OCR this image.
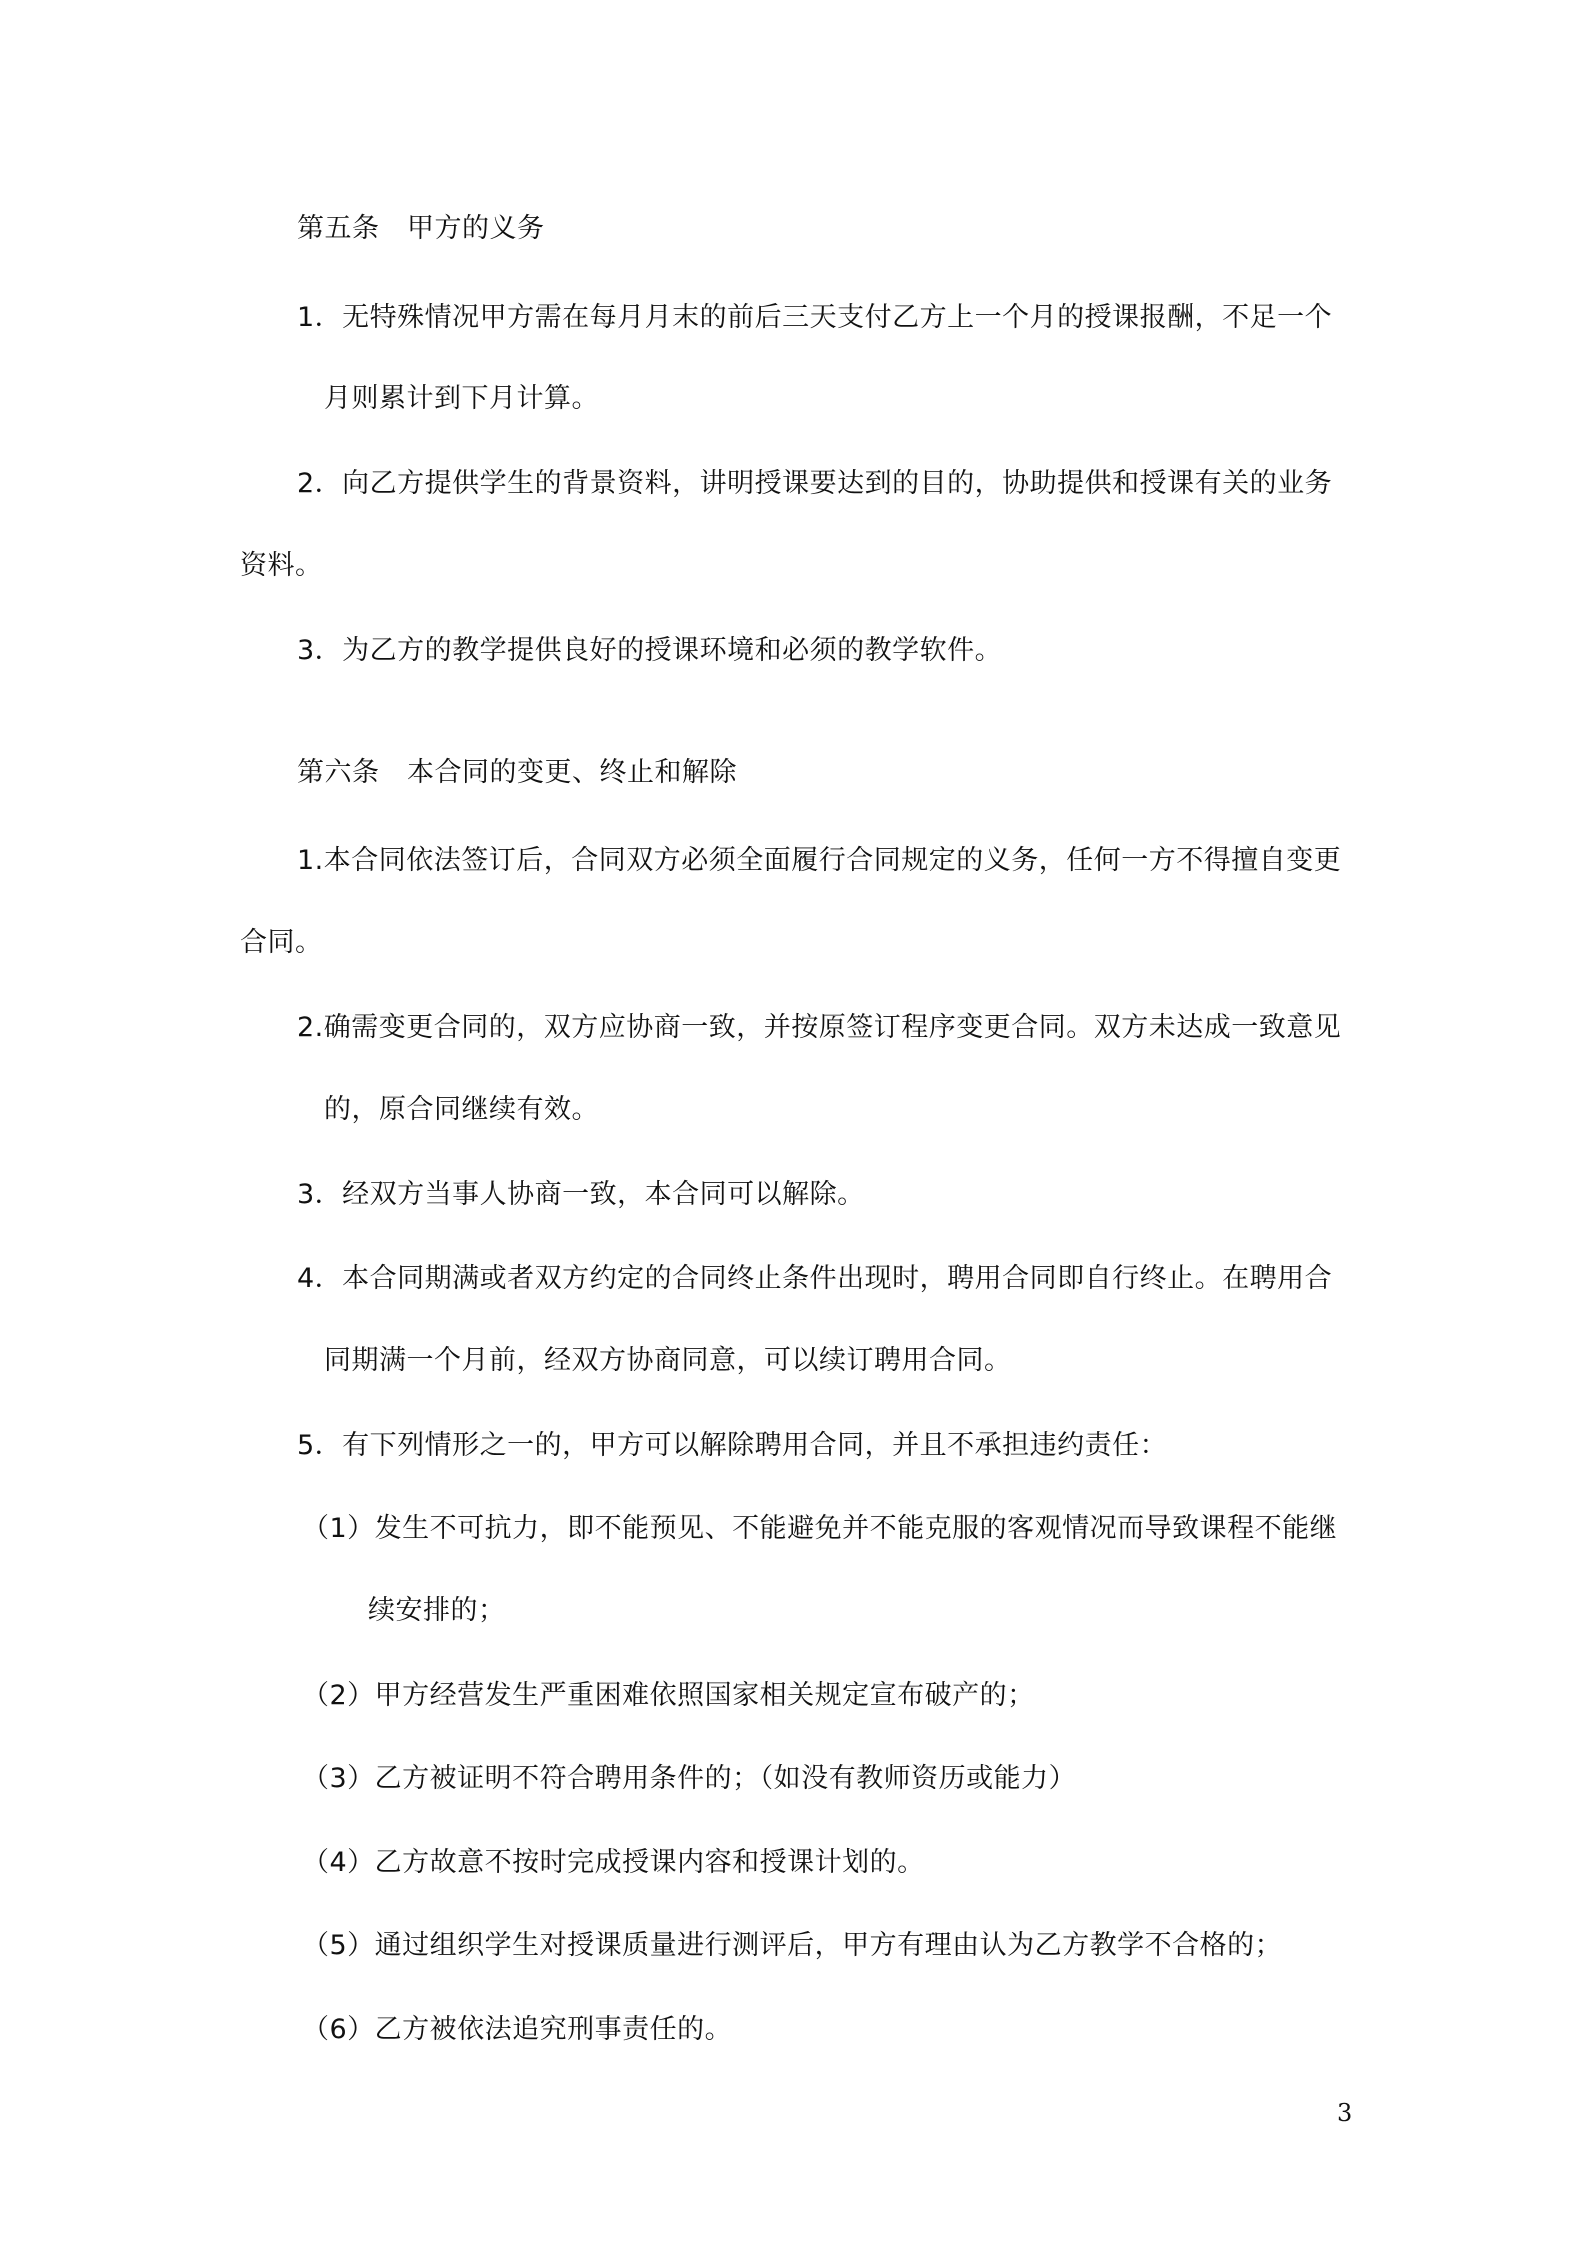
第五条　甲方的义务
1．无特殊情况甲方需在每月月末的前后三天支付乙方上一个月的授课报酬，不足一个
月则累计到下月计算。
2．向乙方提供学生的背景资料，讲明授课要达到的目的，协助提供和授课有关的业务
资料。
3．为乙方的教学提供良好的授课环境和必须的教学软件。
第六条　本合同的变更、终止和解除
1.本合同依法签订后，合同双方必须全面履行合同规定的义务，任何一方不得擅自变更
合同。
2.确需变更合同的，双方应协商一致，并按原签订程序变更合同。双方未达成一致意见
的，原合同继续有效。
3．经双方当事人协商一致，本合同可以解除。
4．本合同期满或者双方约定的合同终止条件出现时，聘用合同即自行终止。在聘用合
同期满一个月前，经双方协商同意，可以续订聘用合同。
5．有下列情形之一的，甲方可以解除聘用合同，并且不承担违约责任：
（1）发生不可抗力，即不能预见、不能避免并不能克服的客观情况而导致课程不能继
续安排的；
（2）甲方经营发生严重困难依照国家相关规定宣布破产的；
（3）乙方被证明不符合聘用条件的；（如没有教师资历或能力）
（4）乙方故意不按时完成授课内容和授课计划的。
（5）通过组织学生对授课质量进行测评后，甲方有理由认为乙方教学不合格的；
（6）乙方被依法追究刑事责任的。
3
